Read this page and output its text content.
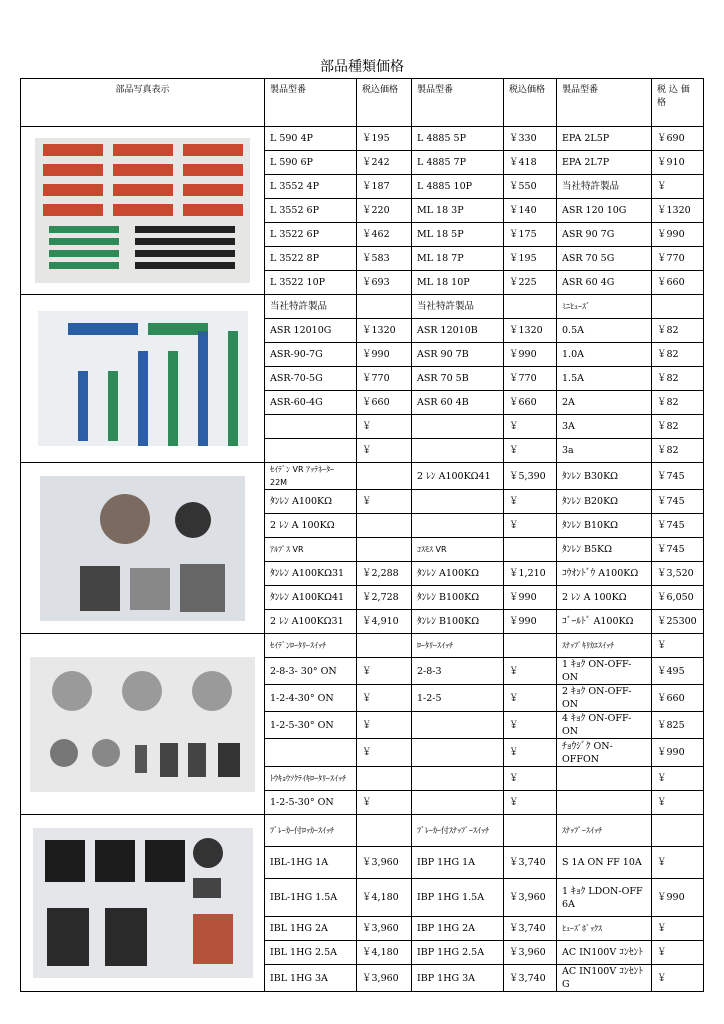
部品種類価格
部品写真表示	製品型番	税込価格	製品型番	税込価格	製品型番	税 込 価格

	L 590 4P	￥195	L 4885 5P	￥330	EPA 2L5P	￥690
	L 590 6P	￥242	L 4885 7P	￥418	EPA 2L7P	￥910
	L 3552 4P	￥187	L 4885 10P	￥550	当社特許製品	￥
	L 3552 6P	￥220	ML 18 3P	￥140	ASR 120 10G	￥1320
	L 3522 6P	￥462	ML 18 5P	￥175	ASR 90 7G	￥990
	L 3522 8P	￥583	ML 18 7P	￥195	ASR 70 5G	￥770
	L 3522 10P	￥693	ML 18 10P	￥225	ASR 60 4G	￥660

	当社特許製品		当社特許製品		ﾐﾆﾋｭｰｽﾞ	
	ASR 12010G	￥1320	ASR 12010B	￥1320	0.5A	￥82
	ASR-90-7G	￥990	ASR 90 7B	￥990	1.0A	￥82
	ASR-70-5G	￥770	ASR 70 5B	￥770	1.5A	￥82
	ASR-60-4G	￥660	ASR 60 4B	￥660	2A	￥82
		￥		￥	3A	￥82
		￥		￥	3a	￥82

	ｾｲﾃﾞﾝ VR ｱｯﾃﾈｰﾀｰ 22M		2 ﾚﾝ A100KΩ41	￥5,390	ﾀﾝﾚﾝ B30KΩ	￥745
	ﾀﾝﾚﾝ A100KΩ	￥		￥	ﾀﾝﾚﾝ B20KΩ	￥745
	2 ﾚﾝ A 100KΩ			￥	ﾀﾝﾚﾝ B10KΩ	￥745
	ｱﾙﾌﾟｽ VR		ｺｽﾓｽ VR		ﾀﾝﾚﾝ B5KΩ	￥745
	ﾀﾝﾚﾝ A100KΩ31	￥2,288	ﾀﾝﾚﾝ A100KΩ	￥1,210	ｺｳｵﾝﾄﾞｳ A100KΩ	￥3,520
	ﾀﾝﾚﾝ A100KΩ41	￥2,728	ﾀﾝﾚﾝ B100KΩ	￥990	2 ﾚﾝ A 100KΩ	￥6,050
	2 ﾚﾝ A100KΩ31	￥4,910	ﾀﾝﾚﾝ B100KΩ	￥990	ｺﾞｰﾙﾄﾞ A100KΩ	￥25300

	ｾｲﾃﾞﾝﾛｰﾀﾘｰｽｲｯﾁ		ﾛｰﾀﾘｰｽｲｯﾁ		ｽﾅｯﾌﾟｷﾘｶｴｽｲｯﾁ	￥
	2-8-3- 30° ON	￥	2-8-3	￥	1 ｷｮｸ ON-OFF-ON	￥495
	1-2-4-30° ON	￥	1-2-5	￥	2 ｷｮｸ ON-OFF-ON	￥660
	1-2-5-30° ON	￥		￥	4 ｷｮｸ ON-OFF-ON	￥825
		￥		￥	ﾁｮｳｼﾞｸ ON-OFFON	￥990
	ﾄｳｷｮｳｿｸﾃｲｷﾛｰﾀﾘｰｽｲｯﾁ			￥		￥
	1-2-5-30° ON	￥		￥		￥

	ﾌﾞﾚｰｶｰ付ﾛｯｶｰｽｲｯﾁ		ﾌﾞﾚｰｶｰ付ｽﾅｯﾌﾟｰｽｲｯﾁ		ｽﾅｯﾌﾟｰｽｲｯﾁ	
	IBL-1HG 1A	￥3,960	IBP 1HG 1A	￥3,740	S 1A ON FF 10A	￥
	IBL-1HG 1.5A	￥4,180	IBP 1HG 1.5A	￥3,960	1 ｷｮｸ LDON-OFF 6A	￥990
	IBL 1HG 2A	￥3,960	IBP 1HG 2A	￥3,740	ﾋｭｰｽﾞﾎﾞｯｸｽ	￥
	IBL 1HG 2.5A	￥4,180	IBP 1HG 2.5A	￥3,960	AC IN100V ｺﾝｾﾝﾄ	￥
	IBL 1HG 3A	￥3,960	IBP 1HG 3A	￥3,740	AC IN100V ｺﾝｾﾝﾄ G	￥
